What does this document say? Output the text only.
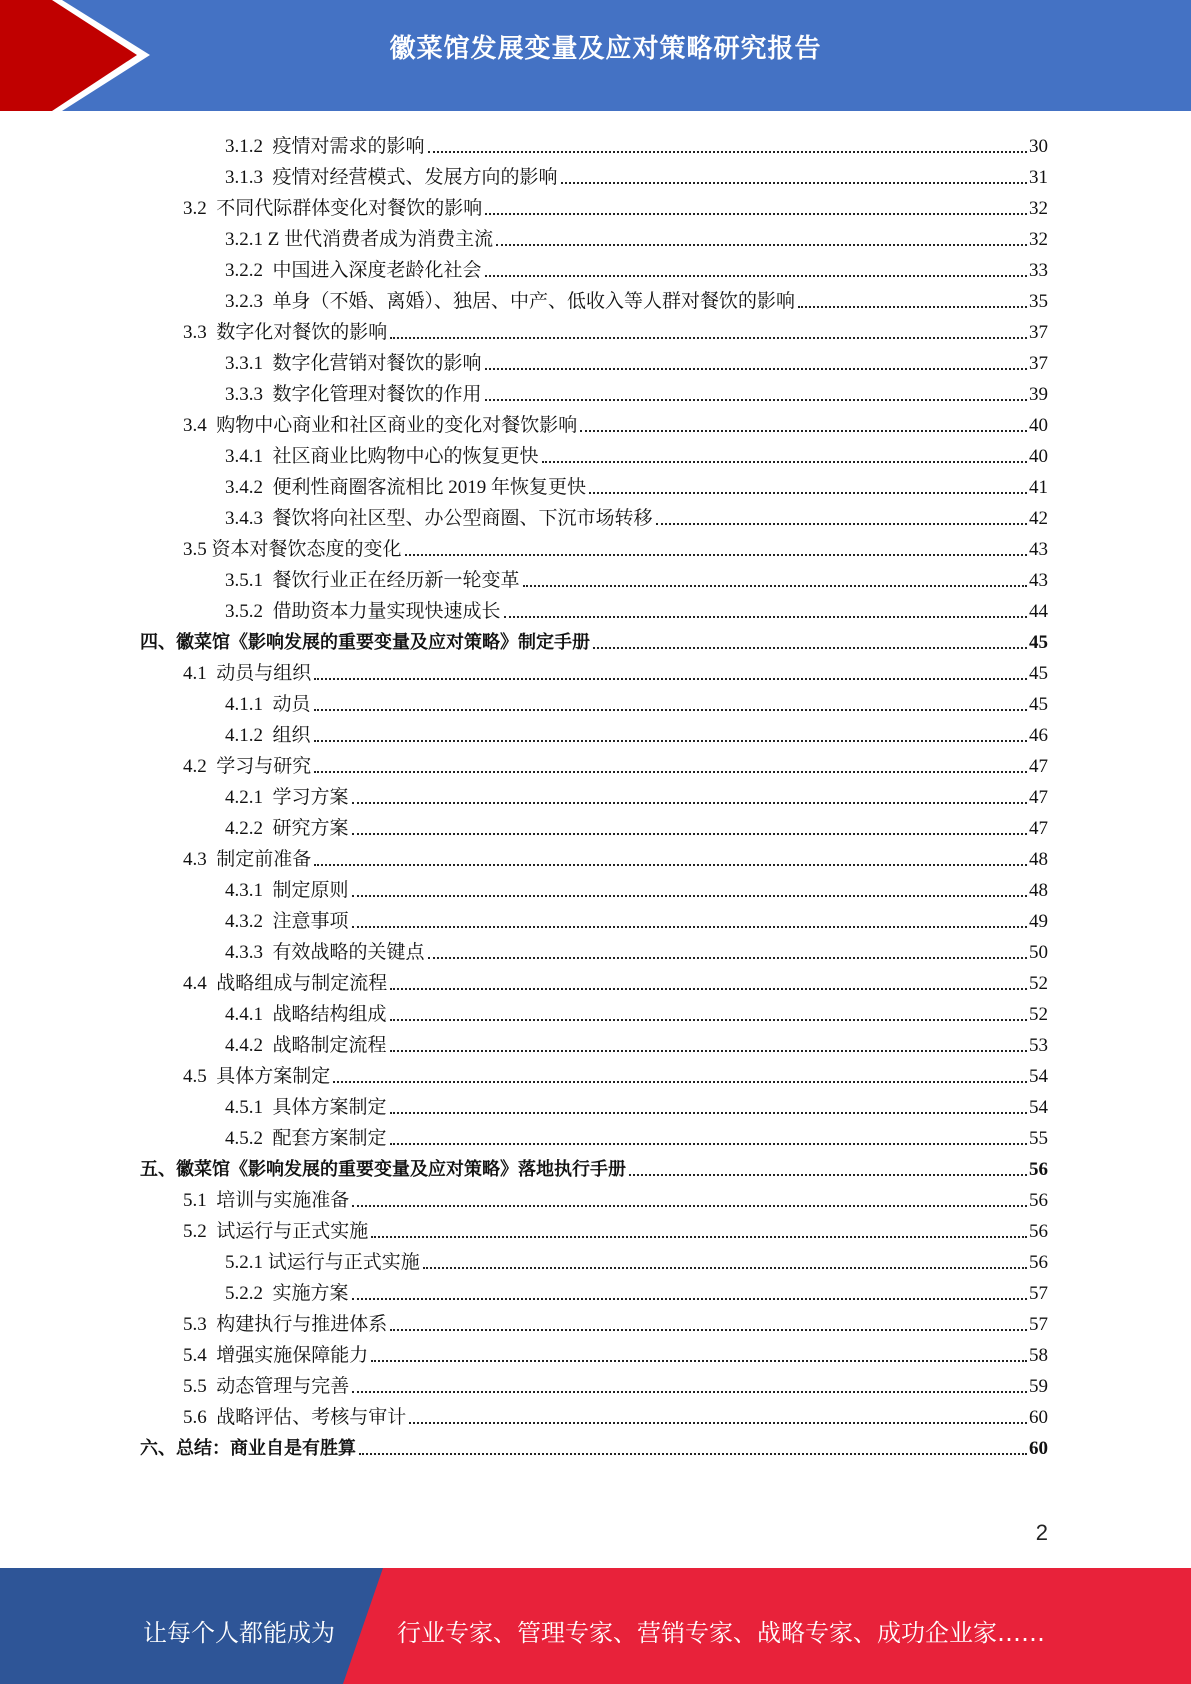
徽菜馆发展变量及应对策略研究报告
3.1.2  疫情对需求的影响	30
3.1.3  疫情对经营模式、发展方向的影响	31
3.2  不同代际群体变化对餐饮的影响	32
3.2.1 Z 世代消费者成为消费主流	32
3.2.2  中国进入深度老龄化社会	33
3.2.3  单身（不婚、离婚）、独居、中产、低收入等人群对餐饮的影响	35
3.3  数字化对餐饮的影响	37
3.3.1  数字化营销对餐饮的影响	37
3.3.3  数字化管理对餐饮的作用	39
3.4  购物中心商业和社区商业的变化对餐饮影响	40
3.4.1  社区商业比购物中心的恢复更快	40
3.4.2  便利性商圈客流相比 2019 年恢复更快	41
3.4.3  餐饮将向社区型、办公型商圈、下沉市场转移	42
3.5 资本对餐饮态度的变化	43
3.5.1  餐饮行业正在经历新一轮变革	43
3.5.2  借助资本力量实现快速成长	44
四、徽菜馆《影响发展的重要变量及应对策略》制定手册	45
4.1  动员与组织	45
4.1.1  动员	45
4.1.2  组织	46
4.2  学习与研究	47
4.2.1  学习方案	47
4.2.2  研究方案	47
4.3  制定前准备	48
4.3.1  制定原则	48
4.3.2  注意事项	49
4.3.3  有效战略的关键点	50
4.4  战略组成与制定流程	52
4.4.1  战略结构组成	52
4.4.2  战略制定流程	53
4.5  具体方案制定	54
4.5.1  具体方案制定	54
4.5.2  配套方案制定	55
五、徽菜馆《影响发展的重要变量及应对策略》落地执行手册	56
5.1  培训与实施准备	56
5.2  试运行与正式实施	56
5.2.1 试运行与正式实施	56
5.2.2  实施方案	57
5.3  构建执行与推进体系	57
5.4  增强实施保障能力	58
5.5  动态管理与完善	59
5.6  战略评估、考核与审计	60
六、总结：商业自是有胜算	60
2
让每个人都能成为	行业专家、管理专家、营销专家、战略专家、成功企业家……
